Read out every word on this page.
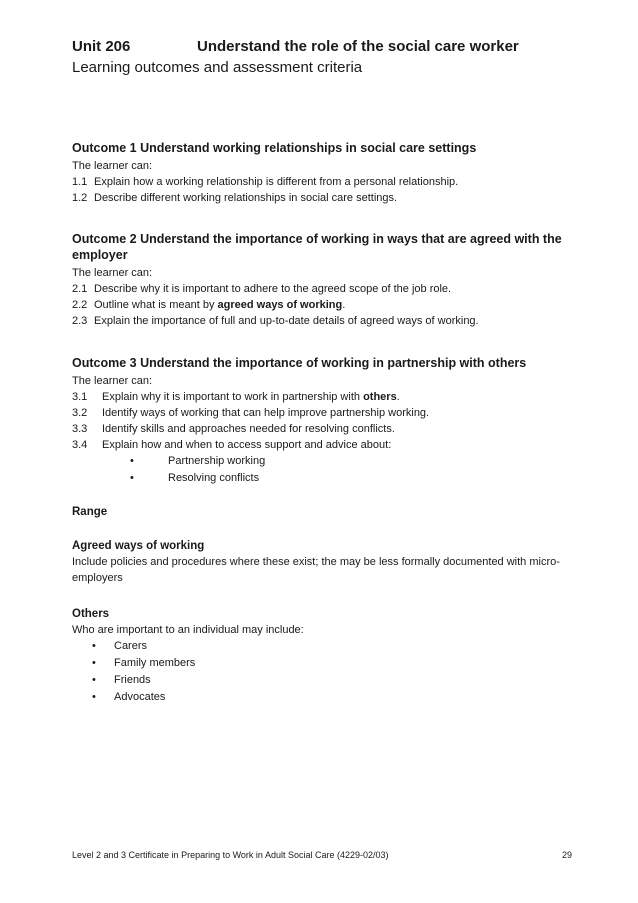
Unit 206	Understand the role of the social care worker
Learning outcomes and assessment criteria
Outcome 1 Understand working relationships in social care settings
The learner can:
1.1 Explain how a working relationship is different from a personal relationship.
1.2 Describe different working relationships in social care settings.
Outcome 2 Understand the importance of working in ways that are agreed with the employer
The learner can:
2.1 Describe why it is important to adhere to the agreed scope of the job role.
2.2 Outline what is meant by agreed ways of working.
2.3 Explain the importance of full and up-to-date details of agreed ways of working.
Outcome 3 Understand the importance of working in partnership with others
The learner can:
3.1	Explain why it is important to work in partnership with others.
3.2	Identify ways of working that can help improve partnership working.
3.3	Identify skills and approaches needed for resolving conflicts.
3.4	Explain how and when to access support and advice about:
•	Partnership working
•	Resolving conflicts
Range
Agreed ways of working
Include policies and procedures where these exist; the may be less formally documented with micro-employers
Others
Who are important to an individual may include:
•	Carers
•	Family members
•	Friends
•	Advocates
Level 2 and 3 Certificate in Preparing to Work in Adult Social Care (4229-02/03)	29
